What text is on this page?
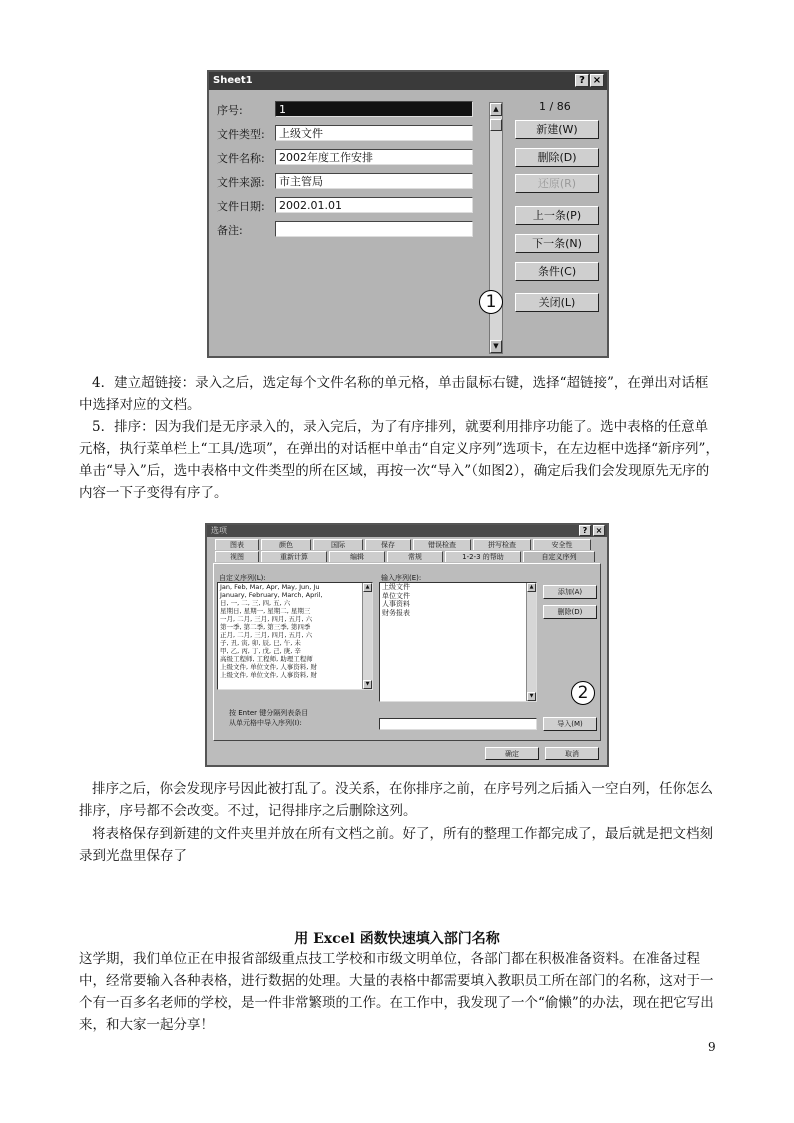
Sheet1	? ×
序号:	1
文件类型:	上级文件
文件名称:	2002年度工作安排
文件来源:	市主管局
文件日期:	2002.01.01
备注:
▲
▼
1 / 86
新建(W)
删除(D)
还原(R)
上一条(P)
下一条(N)
条件(C)
关闭(L)
1

4．建立超链接：录入之后，选定每个文件名称的单元格，单击鼠标右键，选择“超链接”，在弹出对话框中选择对应的文档。

5．排序：因为我们是无序录入的，录入完后，为了有序排列，就要利用排序功能了。选中表格的任意单元格，执行菜单栏上“工具/选项”，在弹出的对话框中单击“自定义序列”选项卡，在左边框中选择“新序列”，单击“导入”后，选中表格中文件类型的所在区域，再按一次“导入”（如图2），确定后我们会发现原先无序的内容一下子变得有序了。

选项	?	×
图表	颜色	国际	保存	错误检查	拼写检查	安全性
视图	重新计算	编辑	常规	1-2-3 的帮助	自定义序列
自定义序列(L):
Jan, Feb, Mar, Apr, May, Jun, Ju
January, February, March, April,
日, 一, 二, 三, 四, 五, 六
星期日, 星期一, 星期二, 星期三
一月, 二月, 三月, 四月, 五月, 六
第一季, 第二季, 第三季, 第四季
正月, 二月, 三月, 四月, 五月, 六
子, 丑, 寅, 卯, 辰, 巳, 午, 未
甲, 乙, 丙, 丁, 戊, 己, 庚, 辛
高级工程师, 工程师, 助理工程师
上级文件, 单位文件, 人事资料, 财
上级文件, 单位文件, 人事资料, 财
▲
▼
输入序列(E):
上级文件
单位文件
人事资料
财务报表
▲
▼
添加(A)
删除(D)
2
按 Enter 键分隔列表条目
从单元格中导入序列(I):	导入(M)
确定	取消

排序之后，你会发现序号因此被打乱了。没关系，在你排序之前，在序号列之后插入一空白列，任你怎么排序，序号都不会改变。不过，记得排序之后删除这列。

将表格保存到新建的文件夹里并放在所有文档之前。好了，所有的整理工作都完成了，最后就是把文档刻录到光盘里保存了

用 Excel 函数快速填入部门名称

这学期，我们单位正在申报省部级重点技工学校和市级文明单位，各部门都在积极准备资料。在准备过程中，经常要输入各种表格，进行数据的处理。大量的表格中都需要填入教职员工所在部门的名称，这对于一个有一百多名老师的学校，是一件非常繁琐的工作。在工作中，我发现了一个“偷懒”的办法，现在把它写出来，和大家一起分享！

9
